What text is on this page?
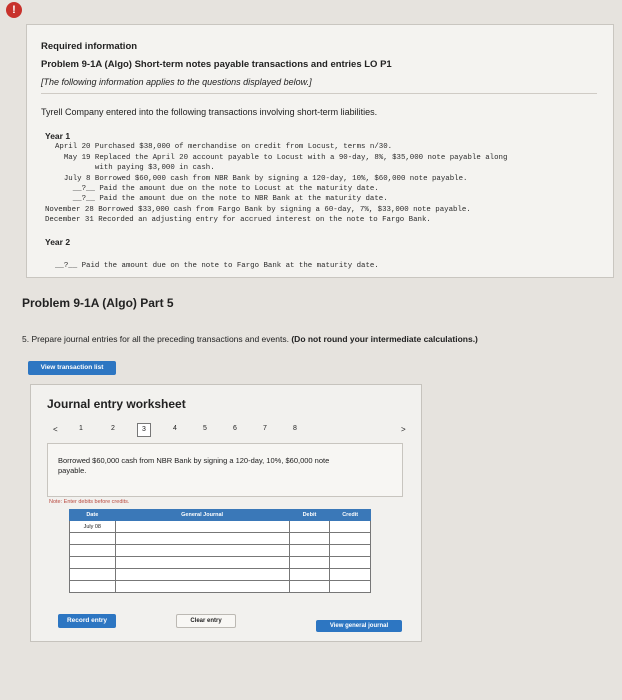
!
Required information
Problem 9-1A (Algo) Short-term notes payable transactions and entries LO P1
[The following information applies to the questions displayed below.]
Tyrell Company entered into the following transactions involving short-term liabilities.
Year 1
April 20 Purchased $38,000 of merchandise on credit from Locust, terms n/30.
May 19 Replaced the April 20 account payable to Locust with a 90-day, 8%, $35,000 note payable along
with paying $3,000 in cash.
July 8 Borrowed $60,000 cash from NBR Bank by signing a 120-day, 10%, $60,000 note payable.
__?__ Paid the amount due on the note to Locust at the maturity date.
__?__ Paid the amount due on the note to NBR Bank at the maturity date.
November 28 Borrowed $33,000 cash from Fargo Bank by signing a 60-day, 7%, $33,000 note payable.
December 31 Recorded an adjusting entry for accrued interest on the note to Fargo Bank.
Year 2
__?__ Paid the amount due on the note to Fargo Bank at the maturity date.
Problem 9-1A (Algo) Part 5
5. Prepare journal entries for all the preceding transactions and events. (Do not round your intermediate calculations.)
View transaction list
Journal entry worksheet
<	1	2	3	4	5	6	7	8	>
Borrowed $60,000 cash from NBR Bank by signing a 120-day, 10%, $60,000 note payable.
Note: Enter debits before credits.
Date	General Journal	Debit	Credit
July 08			

Record entry	Clear entry
View general journal
